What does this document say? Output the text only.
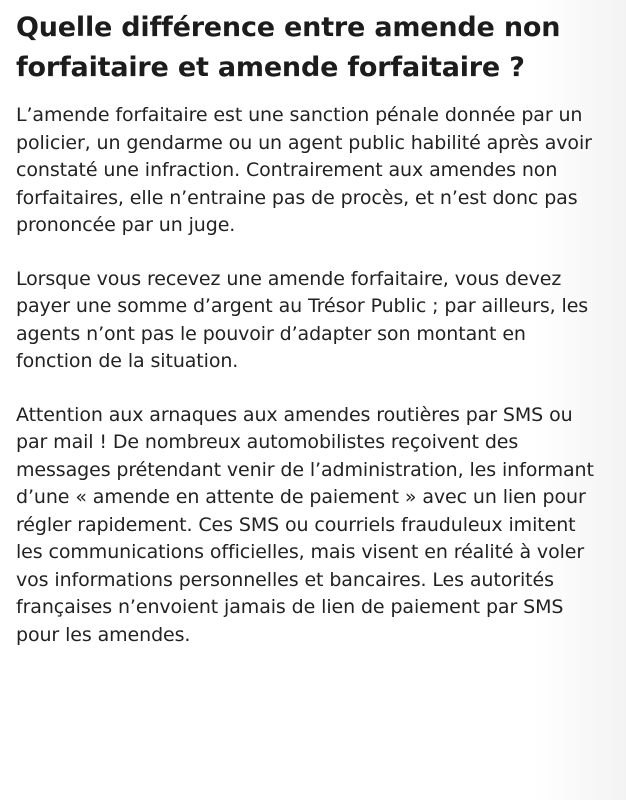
Quelle différence entre amende non forfaitaire et amende forfaitaire ?

L’amende forfaitaire est une sanction pénale donnée par un policier, un gendarme ou un agent public habilité après avoir constaté une infraction. Contrairement aux amendes non forfaitaires, elle n’entraine pas de procès, et n’est donc pas prononcée par un juge.

Lorsque vous recevez une amende forfaitaire, vous devez payer une somme d’argent au Trésor Public ; par ailleurs, les agents n’ont pas le pouvoir d’adapter son montant en fonction de la situation.

Attention aux arnaques aux amendes routières par SMS ou par mail ! De nombreux automobilistes reçoivent des messages prétendant venir de l’administration, les informant d’une « amende en attente de paiement » avec un lien pour régler rapidement. Ces SMS ou courriels frauduleux imitent les communications officielles, mais visent en réalité à voler vos informations personnelles et bancaires. Les autorités françaises n’envoient jamais de lien de paiement par SMS pour les amendes.
